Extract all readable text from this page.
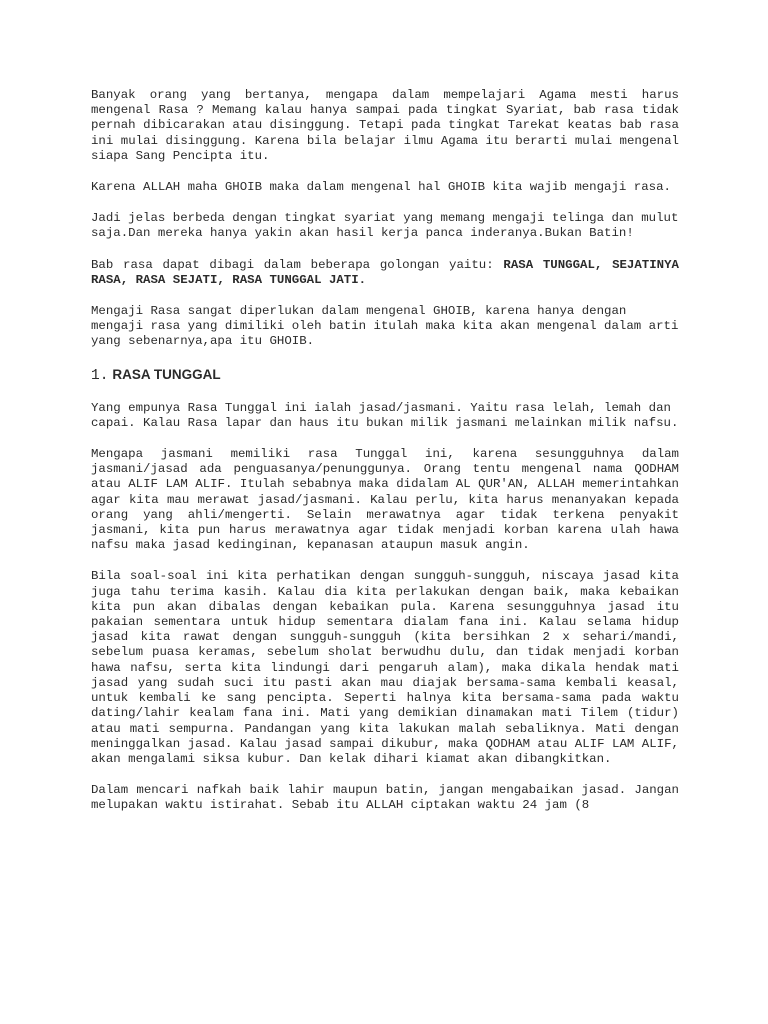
Banyak orang yang bertanya, mengapa dalam mempelajari Agama mesti harus mengenal Rasa ? Memang kalau hanya sampai pada tingkat Syariat, bab rasa tidak pernah dibicarakan atau disinggung. Tetapi pada tingkat Tarekat keatas bab rasa ini mulai disinggung. Karena bila belajar ilmu Agama itu berarti mulai mengenal siapa Sang Pencipta itu.

Karena ALLAH maha GHOIB maka dalam mengenal hal GHOIB kita wajib mengaji rasa.

Jadi jelas berbeda dengan tingkat syariat yang memang mengaji telinga dan mulut saja.Dan mereka hanya yakin akan hasil kerja panca inderanya.Bukan Batin!

Bab rasa dapat dibagi dalam beberapa golongan yaitu: RASA TUNGGAL, SEJATINYA RASA, RASA SEJATI, RASA TUNGGAL JATI.

Mengaji Rasa sangat diperlukan dalam mengenal GHOIB, karena hanya dengan mengaji rasa yang dimiliki oleh batin itulah maka kita akan mengenal dalam arti yang sebenarnya,apa itu GHOIB.

1. RASA TUNGGAL

Yang empunya Rasa Tunggal ini ialah jasad/jasmani. Yaitu rasa lelah, lemah dan capai. Kalau Rasa lapar dan haus itu bukan milik jasmani melainkan milik nafsu.

Mengapa jasmani memiliki rasa Tunggal ini, karena sesungguhnya dalam jasmani/jasad ada penguasanya/penunggunya. Orang tentu mengenal nama QODHAM atau ALIF LAM ALIF. Itulah sebabnya maka didalam AL QUR'AN, ALLAH memerintahkan agar kita mau merawat jasad/jasmani. Kalau perlu, kita harus menanyakan kepada orang yang ahli/mengerti. Selain merawatnya agar tidak terkena penyakit jasmani, kita pun harus merawatnya agar tidak menjadi korban karena ulah hawa nafsu maka jasad kedinginan, kepanasan ataupun masuk angin.

Bila soal-soal ini kita perhatikan dengan sungguh-sungguh, niscaya jasad kita juga tahu terima kasih. Kalau dia kita perlakukan dengan baik, maka kebaikan kita pun akan dibalas dengan kebaikan pula. Karena sesungguhnya jasad itu pakaian sementara untuk hidup sementara dialam fana ini. Kalau selama hidup jasad kita rawat dengan sungguh-sungguh (kita bersihkan 2 x sehari/mandi, sebelum puasa keramas, sebelum sholat berwudhu dulu, dan tidak menjadi korban hawa nafsu, serta kita lindungi dari pengaruh alam), maka dikala hendak mati jasad yang sudah suci itu pasti akan mau diajak bersama-sama kembali keasal, untuk kembali ke sang pencipta. Seperti halnya kita bersama-sama pada waktu dating/lahir kealam fana ini. Mati yang demikian dinamakan mati Tilem (tidur) atau mati sempurna. Pandangan yang kita lakukan malah sebaliknya. Mati dengan meninggalkan jasad. Kalau jasad sampai dikubur, maka QODHAM atau ALIF LAM ALIF, akan mengalami siksa kubur. Dan kelak dihari kiamat akan dibangkitkan.

Dalam mencari nafkah baik lahir maupun batin, jangan mengabaikan jasad. Jangan melupakan waktu istirahat. Sebab itu ALLAH ciptakan waktu 24 jam (8
